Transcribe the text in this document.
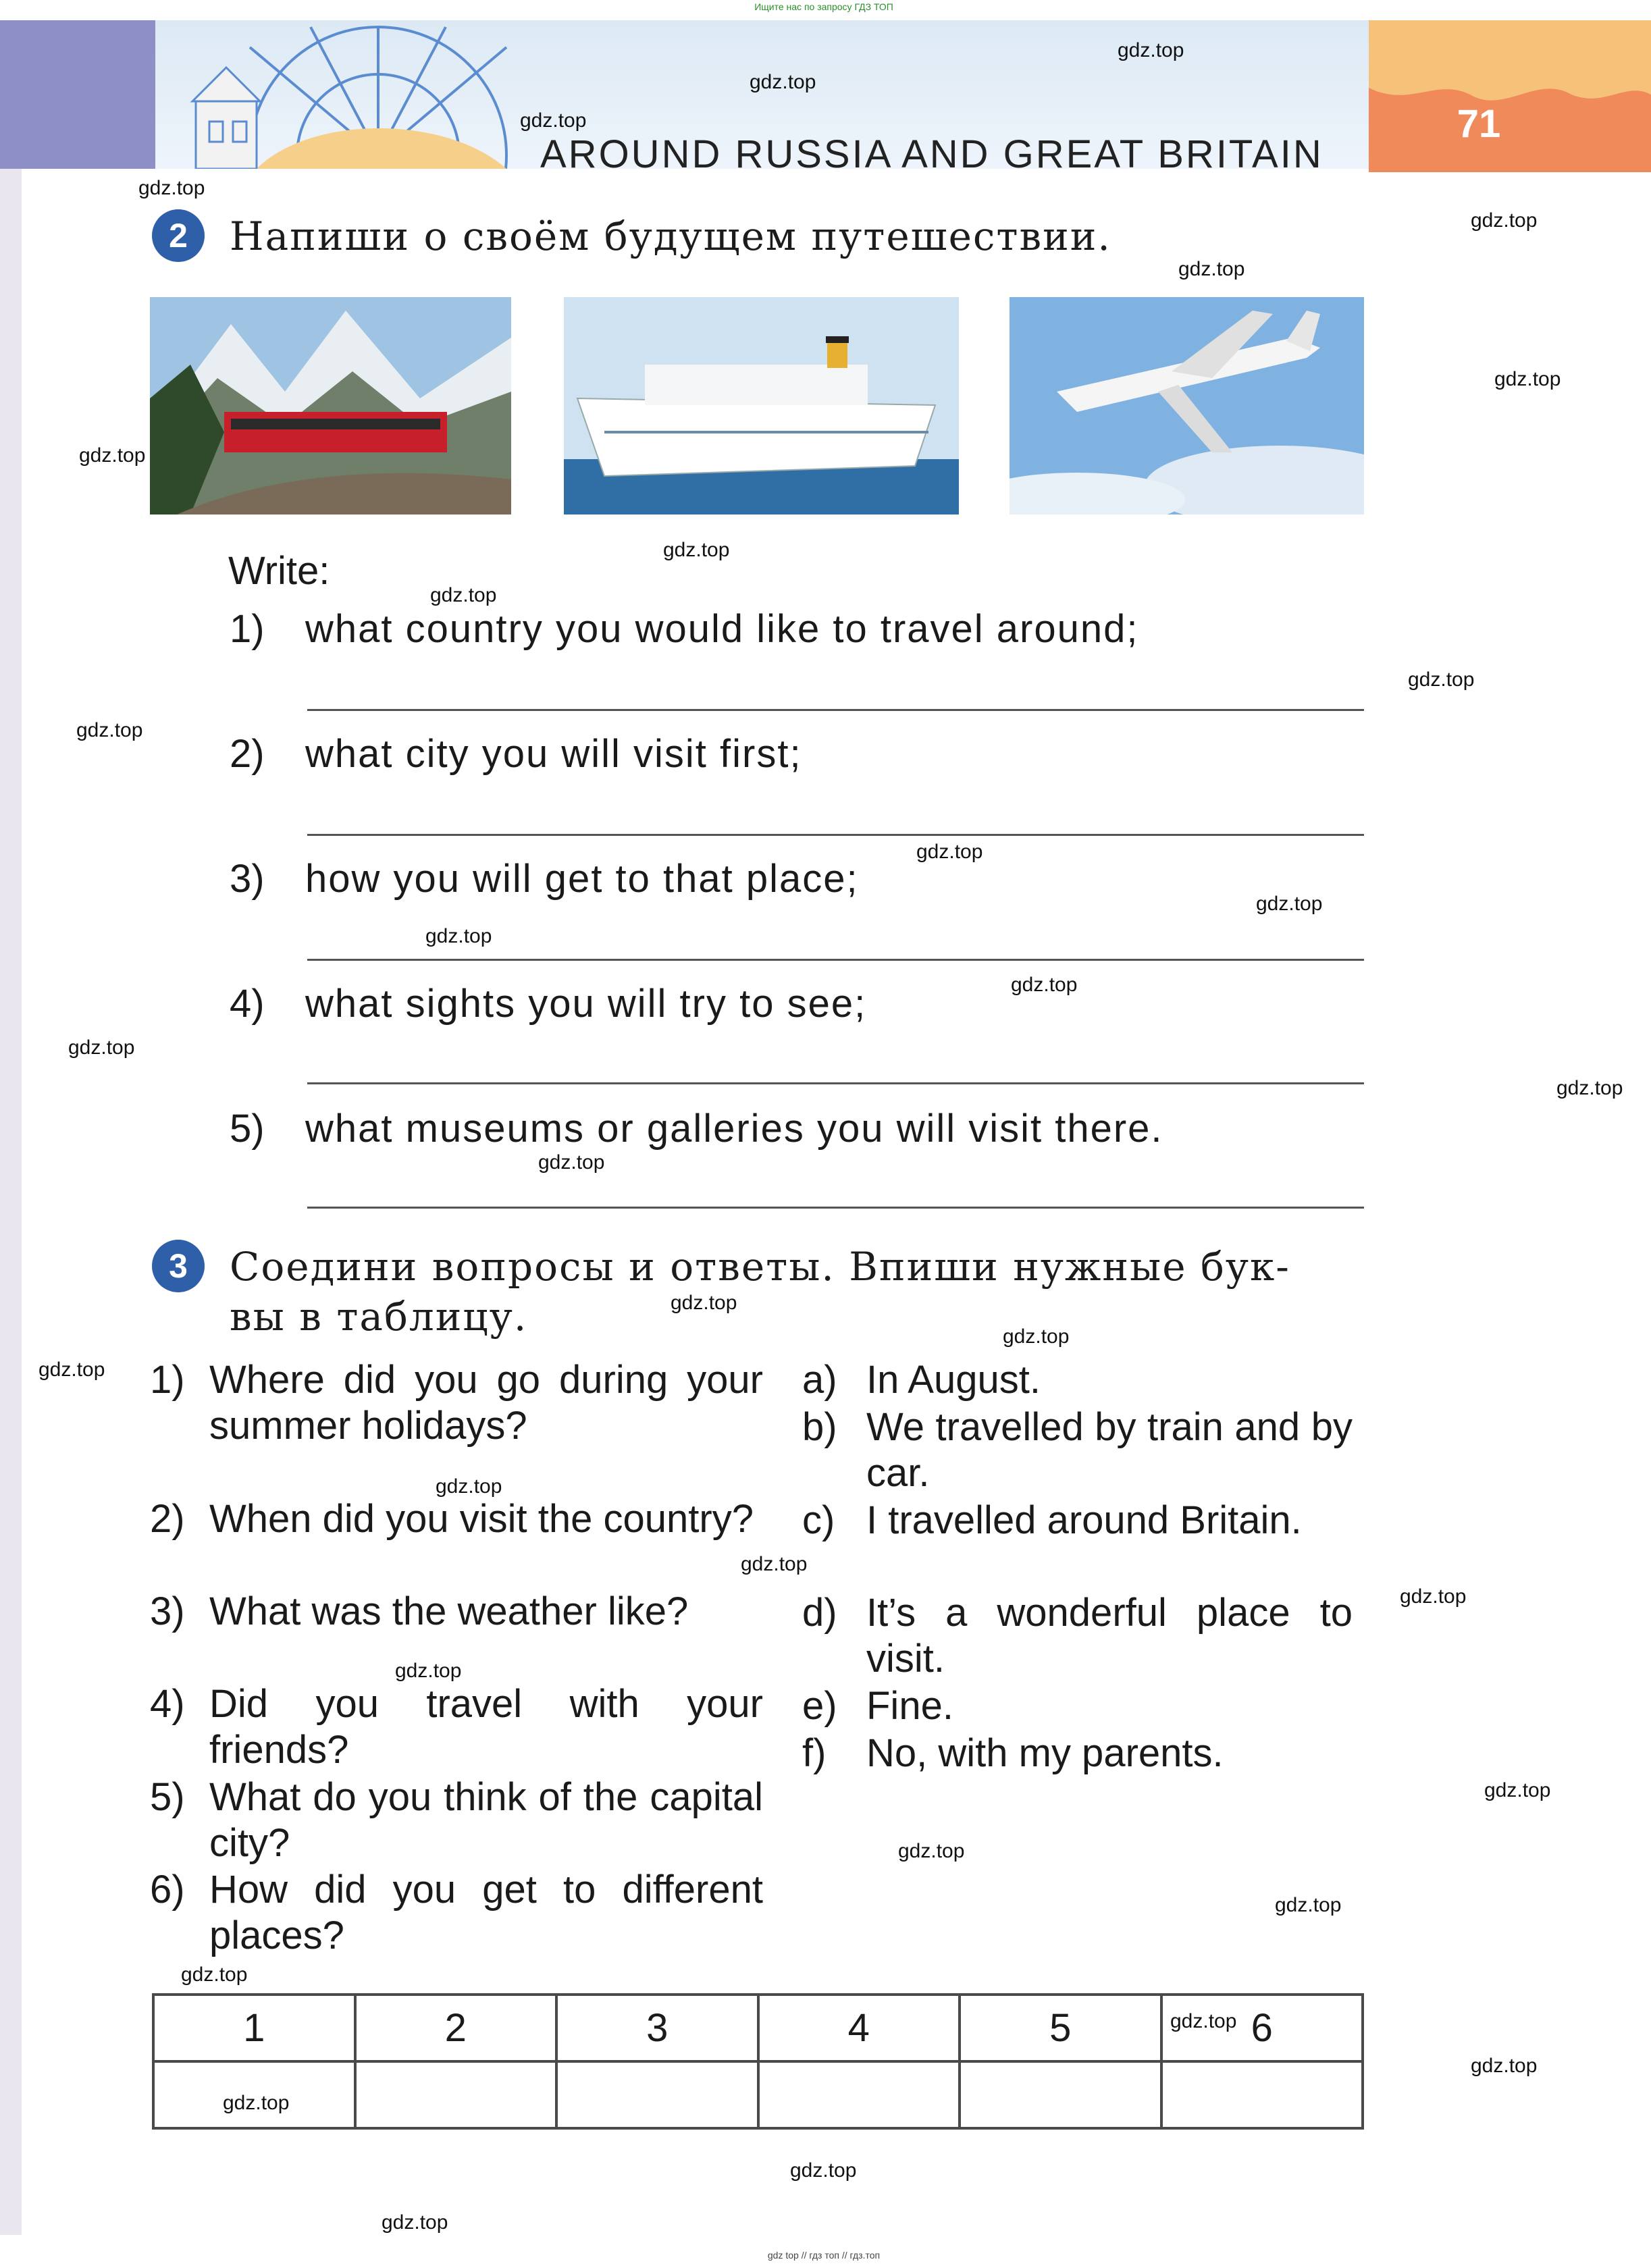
Ищите нас по запросу ГДЗ ТОП
71
AROUND RUSSIA AND GREAT BRITAIN
2	Напиши о своём будущем путешествии.
Write:
1)	what country you would like to travel around;
2)	what city you will visit first;
3)	how you will get to that place;
4)	what sights you will try to see;
5)	what museums or galleries you will visit there.
3	Соедини вопросы и ответы. Впиши нужные бук-
вы в таблицу.
1) Where did you go during your summer holidays?
2) When did you visit the country?
3) What was the weather like?
4) Did you travel with your friends?
5) What do you think of the capital city?
6) How did you get to different places?
a) In August.
b) We travelled by train and by car.
c) I travelled around Britain.
d) It’s a wonderful place to visit.
e) Fine.
f) No, with my parents.
1	2	3	4	5	6

gdz.top
gdz.top
gdz.top
gdz.top
gdz.top
gdz.top
gdz.top
gdz.top
gdz.top
gdz.top
gdz.top
gdz.top
gdz.top
gdz.top
gdz.top
gdz.top
gdz.top
gdz.top
gdz.top
gdz.top
gdz.top
gdz.top
gdz.top
gdz.top
gdz.top
gdz.top
gdz.top
gdz.top
gdz.top
gdz.top
gdz.top
gdz.top
gdz.top
gdz.top
gdz.top
gdz top // гдз топ // гдз.топ
